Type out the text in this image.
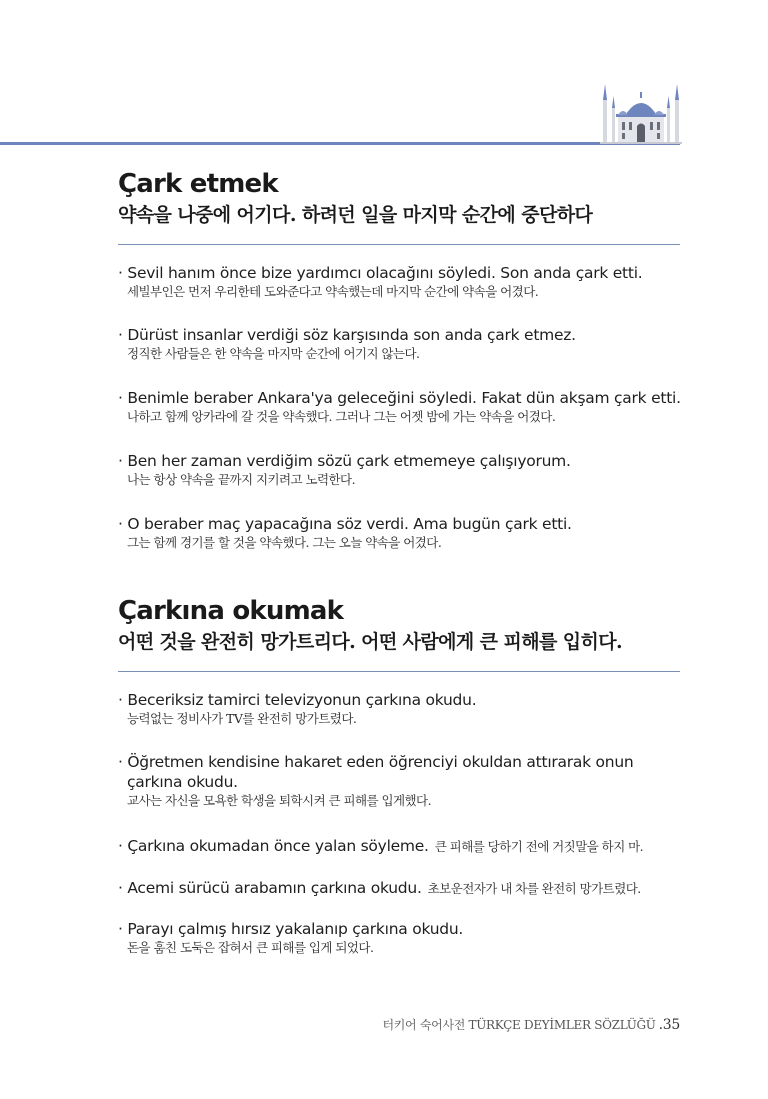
Çark etmek
약속을 나중에 어기다. 하려던 일을 마지막 순간에 중단하다
· Sevil hanım önce bize yardımcı olacağını söyledi. Son anda çark etti.
세빌부인은 먼저 우리한테 도와준다고 약속했는데 마지막 순간에 약속을 어겼다.
· Dürüst insanlar verdiği söz karşısında son anda çark etmez.
정직한 사람들은 한 약속을 마지막 순간에 어기지 않는다.
· Benimle beraber Ankara'ya geleceğini söyledi. Fakat dün akşam çark etti.
나하고 함께 앙카라에 갈 것을 약속했다. 그러나 그는 어젯 밤에 가는 약속을 어겼다.
· Ben her zaman verdiğim sözü çark etmemeye çalışıyorum.
나는 항상 약속을 끝까지 지키려고 노력한다.
· O beraber maç yapacağına söz verdi. Ama bugün çark etti.
그는 함께 경기를 할 것을 약속했다. 그는 오늘 약속을 어겼다.
Çarkına okumak
어떤 것을 완전히 망가트리다. 어떤 사람에게 큰 피해를 입히다.
· Beceriksiz tamirci televizyonun çarkına okudu.
능력없는 정비사가 TV를 완전히 망가트렸다.
· Öğretmen kendisine hakaret eden öğrenciyi okuldan attırarak onun
çarkına okudu.
교사는 자신을 모욕한 학생을 퇴학시켜 큰 피해를 입게했다.
· Çarkına okumadan önce yalan söyleme. 큰 피해를 당하기 전에 거짓말을 하지 마.
· Acemi sürücü arabamın çarkına okudu. 초보운전자가 내 차를 완전히 망가트렸다.
· Parayı çalmış hırsız yakalanıp çarkına okudu.
돈을 훔친 도둑은 잡혀서 큰 피해를 입게 되었다.
터키어 숙어사전 TÜRKÇE DEYİMLER SÖZLÜĞÜ .35
